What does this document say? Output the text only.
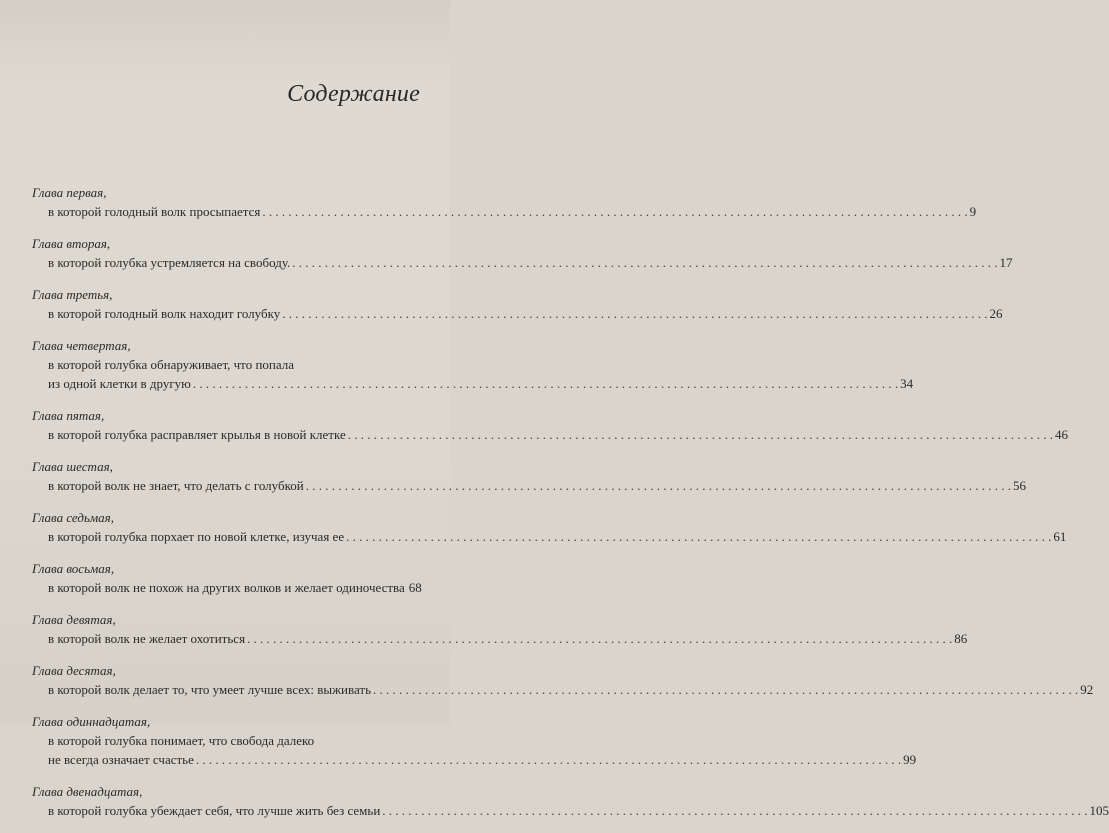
Содержание
Глава первая,
в которой голодный волк просыпается . . .	9
Глава вторая,
в которой голубка устремляется на свободу. . . .	17
Глава третья,
в которой голодный волк находит голубку . . .	26
Глава четвертая,
в которой голубка обнаруживает, что попала
из одной клетки в другую . . .	34
Глава пятая,
в которой голубка расправляет крылья в новой клетке . . .	46
Глава шестая,
в которой волк не знает, что делать с голубкой . . .	56
Глава седьмая,
в которой голубка порхает по новой клетке, изучая ее . . .	61
Глава восьмая,
в которой волк не похож на других волков и желает одиночества 68
Глава девятая,
в которой волк не желает охотиться . . .	86
Глава десятая,
в которой волк делает то, что умеет лучше всех: выживать . . .	92
Глава одиннадцатая,
в которой голубка понимает, что свобода далеко
не всегда означает счастье . . .	99
Глава двенадцатая,
в которой голубка убеждает себя, что лучше жить без семьи . . .	105
